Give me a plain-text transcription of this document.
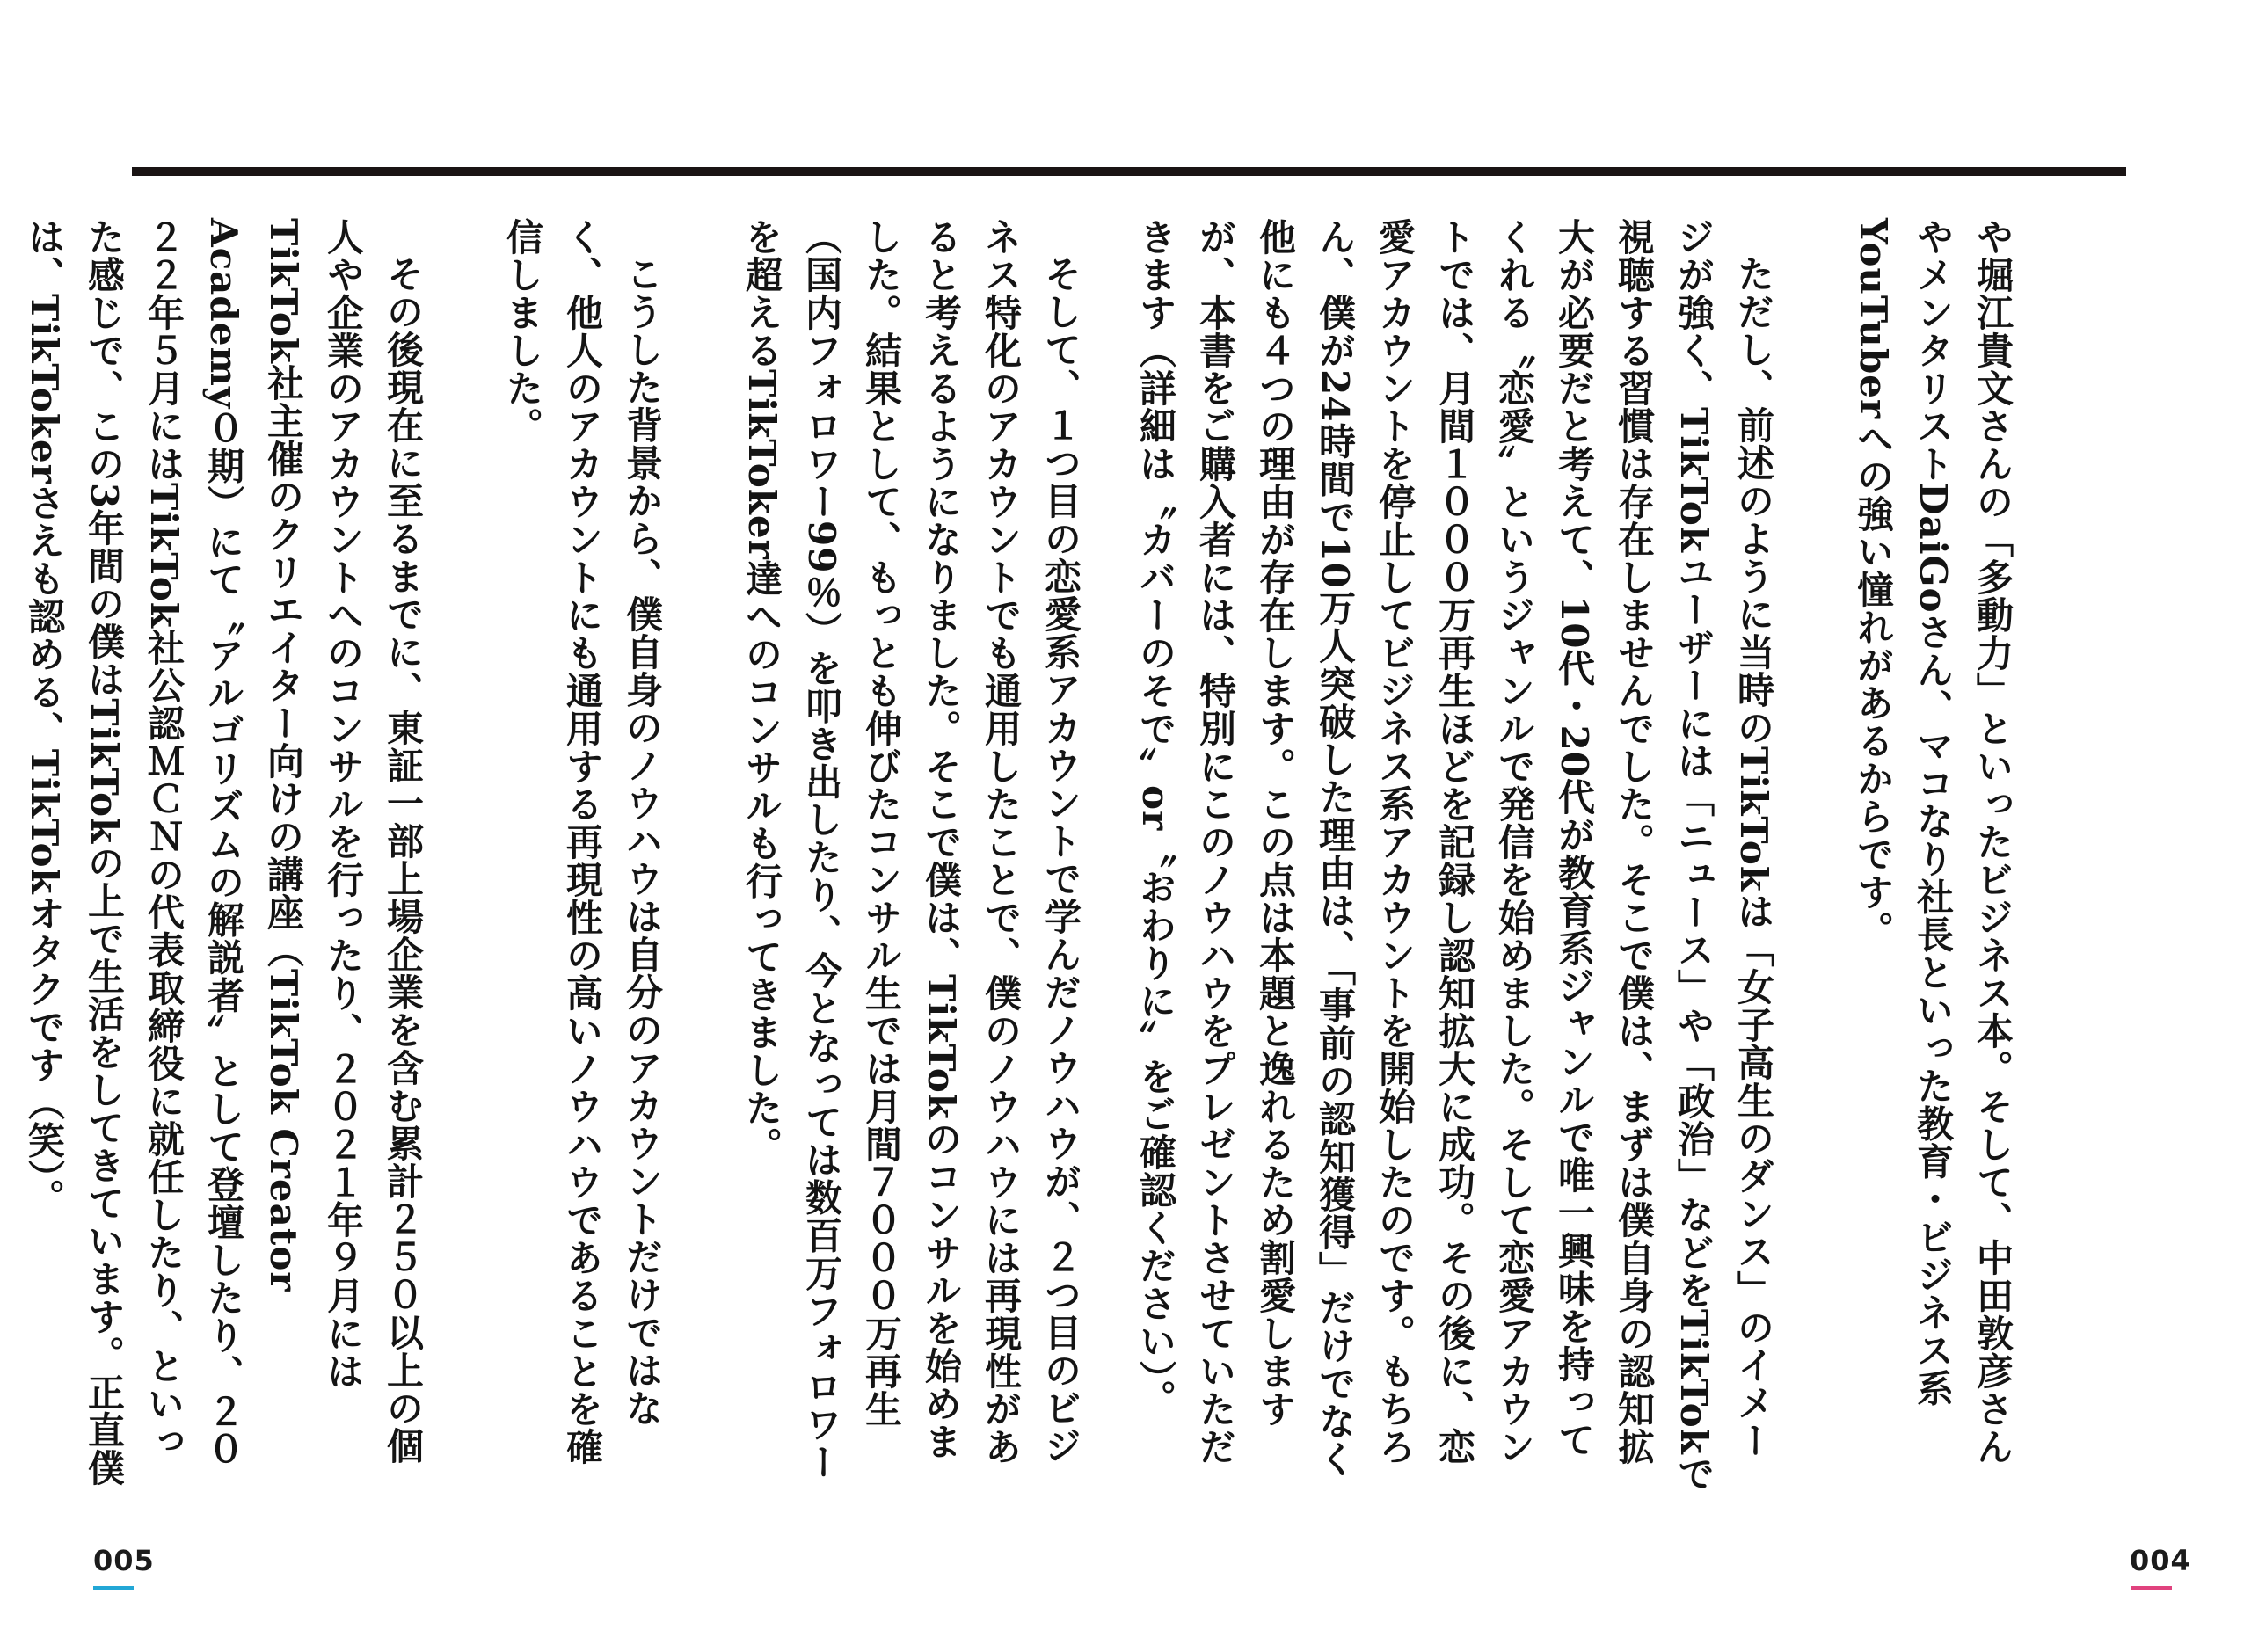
や堀江貴文さんの「多動力」といったビジネス本。そして、中田敦彦さんやメンタリストDaiGoさん、マコなり社長といった教育・ビジネス系YouTuberへの強い憧れがあるからです。

ただし、前述のように当時のTikTokは「女子高生のダンス」のイメージが強く、TikTokユーザーには「ニュース」や「政治」などをTikTokで視聴する習慣は存在しませんでした。そこで僕は、まずは僕自身の認知拡大が必要だと考えて、10代・20代が教育系ジャンルで唯一興味を持ってくれる〝恋愛〟というジャンルで発信を始めました。そして恋愛アカウントでは、月間１０００万再生ほどを記録し認知拡大に成功。その後に、恋愛アカウントを停止してビジネス系アカウントを開始したのです。もちろん、僕が24時間で10万人突破した理由は、「事前の認知獲得」だけでなく他にも４つの理由が存在します。この点は本題と逸れるため割愛しますが、本書をご購入者には、特別にこのノウハウをプレゼントさせていただきます（詳細は〝カバーのそで〟or〝おわりに〟をご確認ください）。

そして、１つ目の恋愛系アカウントで学んだノウハウが、２つ目のビジネス特化のアカウントでも通用したことで、僕のノウハウには再現性があると考えるようになりました。そこで僕は、TikTokのコンサルを始めました。結果として、もっとも伸びたコンサル生では月間７０００万再生（国内フォロワー99％）を叩き出したり、今となっては数百万フォロワーを超えるTikToker達へのコンサルも行ってきました。

こうした背景から、僕自身のノウハウは自分のアカウントだけではなく、他人のアカウントにも通用する再現性の高いノウハウであることを確信しました。

その後現在に至るまでに、東証一部上場企業を含む累計２５０以上の個人や企業のアカウントへのコンサルを行ったり、２０２１年９月にはTikTok社主催のクリエイター向けの講座（TikTok Creator Academy０期）にて〝アルゴリズムの解説者〟として登壇したり、２０２２年５月にはTikTok社公認ＭＣＮの代表取締役に就任したり、といった感じで、この3年間の僕はTikTokの上で生活をしてきています。正直僕は、TikTokerさえも認める、TikTokオタクです（笑）。

005	004
